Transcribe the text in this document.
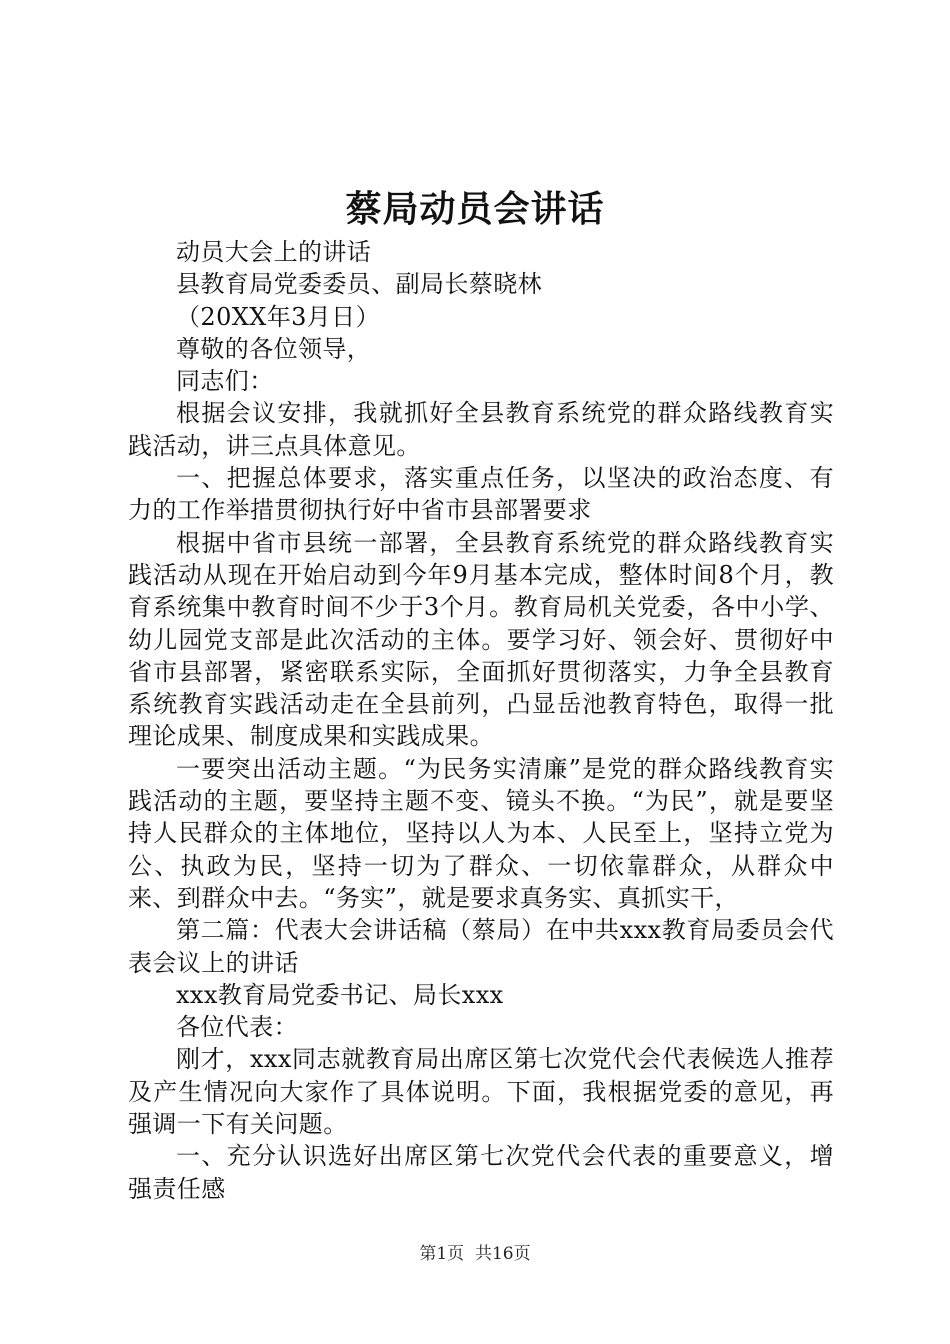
蔡局动员会讲话

动员大会上的讲话

县教育局党委委员、副局长蔡晓林

（20XX年3月日）

尊敬的各位领导，

同志们：

根据会议安排，我就抓好全县教育系统党的群众路线教育实践活动，讲三点具体意见。

一、把握总体要求，落实重点任务，以坚决的政治态度、有力的工作举措贯彻执行好中省市县部署要求

根据中省市县统一部署，全县教育系统党的群众路线教育实践活动从现在开始启动到今年9月基本完成，整体时间8个月，教育系统集中教育时间不少于3个月。教育局机关党委，各中小学、幼儿园党支部是此次活动的主体。要学习好、领会好、贯彻好中省市县部署，紧密联系实际，全面抓好贯彻落实，力争全县教育系统教育实践活动走在全县前列，凸显岳池教育特色，取得一批理论成果、制度成果和实践成果。

一要突出活动主题。“为民务实清廉”是党的群众路线教育实践活动的主题，要坚持主题不变、镜头不换。“为民”，就是要坚持人民群众的主体地位，坚持以人为本、人民至上，坚持立党为公、执政为民，坚持一切为了群众、一切依靠群众，从群众中来、到群众中去。“务实”，就是要求真务实、真抓实干，

第二篇：代表大会讲话稿（蔡局）在中共xxx教育局委员会代表会议上的讲话

xxx教育局党委书记、局长xxx

各位代表：

刚才，xxx同志就教育局出席区第七次党代会代表候选人推荐及产生情况向大家作了具体说明。下面，我根据党委的意见，再强调一下有关问题。

一、充分认识选好出席区第七次党代会代表的重要意义，增强责任感

第1页  共16页
